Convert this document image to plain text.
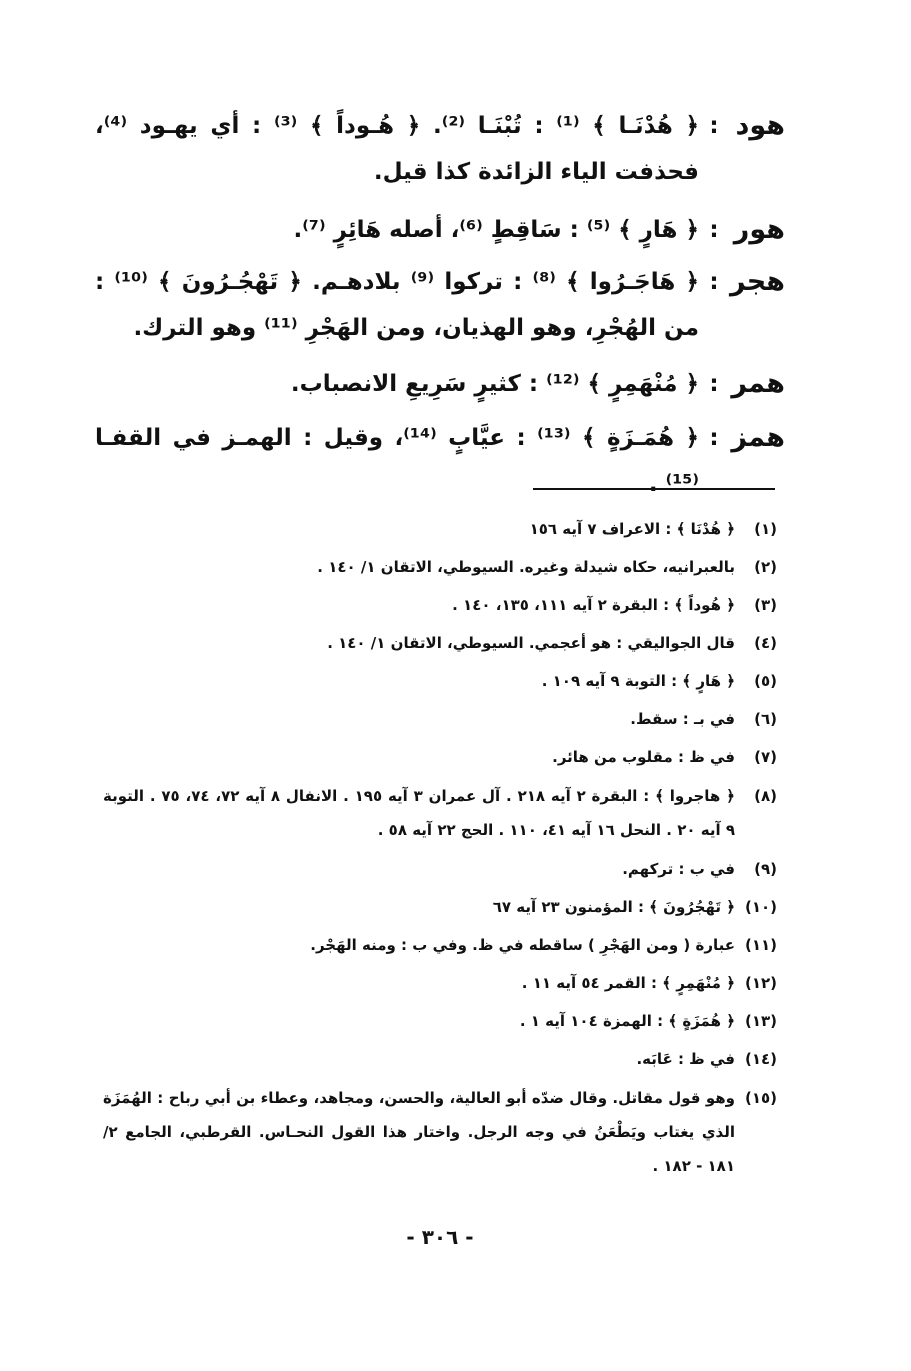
هود
:
﴿ هُدْنَـا ﴾ ⁽¹⁾ : تُبْنَـا ⁽²⁾. ﴿ هُـوداً ﴾ ⁽³⁾ : أي يهـود ⁽⁴⁾، فحذفت الياء الزائدة كذا قيل.
هور
:
﴿ هَارٍ ﴾ ⁽⁵⁾ : سَاقِطٍ ⁽⁶⁾، أصله هَائِرٍ ⁽⁷⁾.
هجر
:
﴿ هَاجَـرُوا ﴾ ⁽⁸⁾ : تركوا ⁽⁹⁾ بلادهـم. ﴿ تَهْجُـرُونَ ﴾ ⁽¹⁰⁾ : من الهُجْرِ، وهو الهذيان، ومن الهَجْرِ ⁽¹¹⁾ وهو الترك.
همر
:
﴿ مُنْهَمِرٍ ﴾ ⁽¹²⁾ : كثيرٍ سَرِيعِ الانصباب.
همز
:
﴿ هُمَـزَةٍ ﴾ ⁽¹³⁾ : عيَّابٍ ⁽¹⁴⁾، وقيل : الهمـز في القفـا ⁽¹⁵⁾ .
(١)
﴿ هُدْنَا ﴾ : الاعراف ٧ آيه ١٥٦
(٢)
بالعبرانيه، حكاه شيدلة وغيره. السيوطي، الاتقان ١/ ١٤٠ .
(٣)
﴿ هُوداً ﴾ : البقرة ٢ آيه ١١١، ١٣٥، ١٤٠ .
(٤)
قال الجواليقي : هو أعجمي. السيوطي، الاتقان ١/ ١٤٠ .
(٥)
﴿ هَارٍ ﴾ : التوبة ٩ آيه ١٠٩ .
(٦)
في بـ : سقط.
(٧)
في ظ : مقلوب من هائر.
(٨)
﴿ هاجروا ﴾ : البقرة ٢ آيه ٢١٨ . آل عمران ٣ آيه ١٩٥ . الانفال ٨ آيه ٧٢، ٧٤، ٧٥ . التوبة ٩ آيه ٢٠ . النحل ١٦ آيه ٤١، ١١٠ . الحج ٢٢ آيه ٥٨ .
(٩)
في ب : تركهم.
(١٠)
﴿ تَهْجُرُونَ ﴾ : المؤمنون ٢٣ آيه ٦٧
(١١)
عبارة ( ومن الهَجْرِ ) ساقطه في ظ. وفي ب : ومنه الهَجْر.
(١٢)
﴿ مُنْهَمِرٍ ﴾ : القمر ٥٤ آيه ١١ .
(١٣)
﴿ هُمَزَةٍ ﴾ : الهمزة ١٠٤ آيه ١ .
(١٤)
في ظ : عَابَه.
(١٥)
وهو قول مقاتل. وقال ضدّه أبو العالية، والحسن، ومجاهد، وعطاء بن أبي رباح : الهُمَزَة الذي يغتاب ويَطْعَنُ في وجه الرجل. واختار هذا القول النحـاس. القرطبي، الجامع ٢/ ١٨١ - ١٨٢ .
- ٣٠٦ -
